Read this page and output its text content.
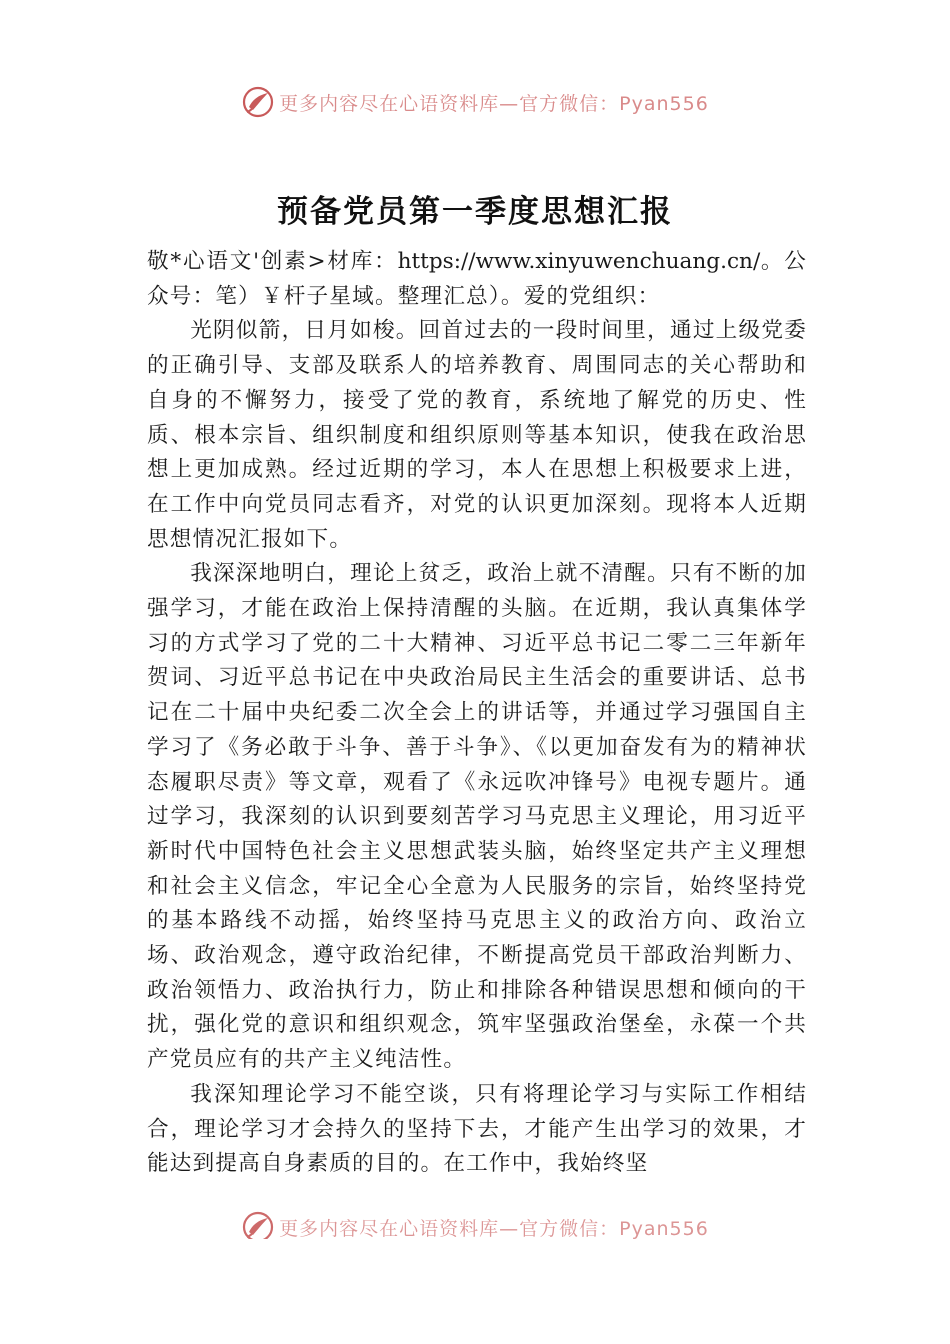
更多内容尽在心语资料库—官方微信：Pyan556
预备党员第一季度思想汇报

敬*心语文'创素>材库：https://www.xinyuwenchuang.cn/。公众号：笔）￥杆子星域。整理汇总）。爱的党组织：

光阴似箭，日月如梭。回首过去的一段时间里，通过上级党委的正确引导、支部及联系人的培养教育、周围同志的关心帮助和自身的不懈努力，接受了党的教育，系统地了解党的历史、性质、根本宗旨、组织制度和组织原则等基本知识，使我在政治思想上更加成熟。经过近期的学习，本人在思想上积极要求上进，在工作中向党员同志看齐，对党的认识更加深刻。现将本人近期思想情况汇报如下。

我深深地明白，理论上贫乏，政治上就不清醒。只有不断的加强学习，才能在政治上保持清醒的头脑。在近期，我认真集体学习的方式学习了党的二十大精神、习近平总书记二零二三年新年贺词、习近平总书记在中央政治局民主生活会的重要讲话、总书记在二十届中央纪委二次全会上的讲话等，并通过学习强国自主学习了《务必敢于斗争、善于斗争》、《以更加奋发有为的精神状态履职尽责》等文章，观看了《永远吹冲锋号》电视专题片。通过学习，我深刻的认识到要刻苦学习马克思主义理论，用习近平新时代中国特色社会主义思想武装头脑，始终坚定共产主义理想和社会主义信念，牢记全心全意为人民服务的宗旨，始终坚持党的基本路线不动摇，始终坚持马克思主义的政治方向、政治立场、政治观念，遵守政治纪律，不断提高党员干部政治判断力、政治领悟力、政治执行力，防止和排除各种错误思想和倾向的干扰，强化党的意识和组织观念，筑牢坚强政治堡垒，永葆一个共产党员应有的共产主义纯洁性。

我深知理论学习不能空谈，只有将理论学习与实际工作相结合，理论学习才会持久的坚持下去，才能产生出学习的效果，才能达到提高自身素质的目的。在工作中，我始终坚

更多内容尽在心语资料库—官方微信：Pyan556
